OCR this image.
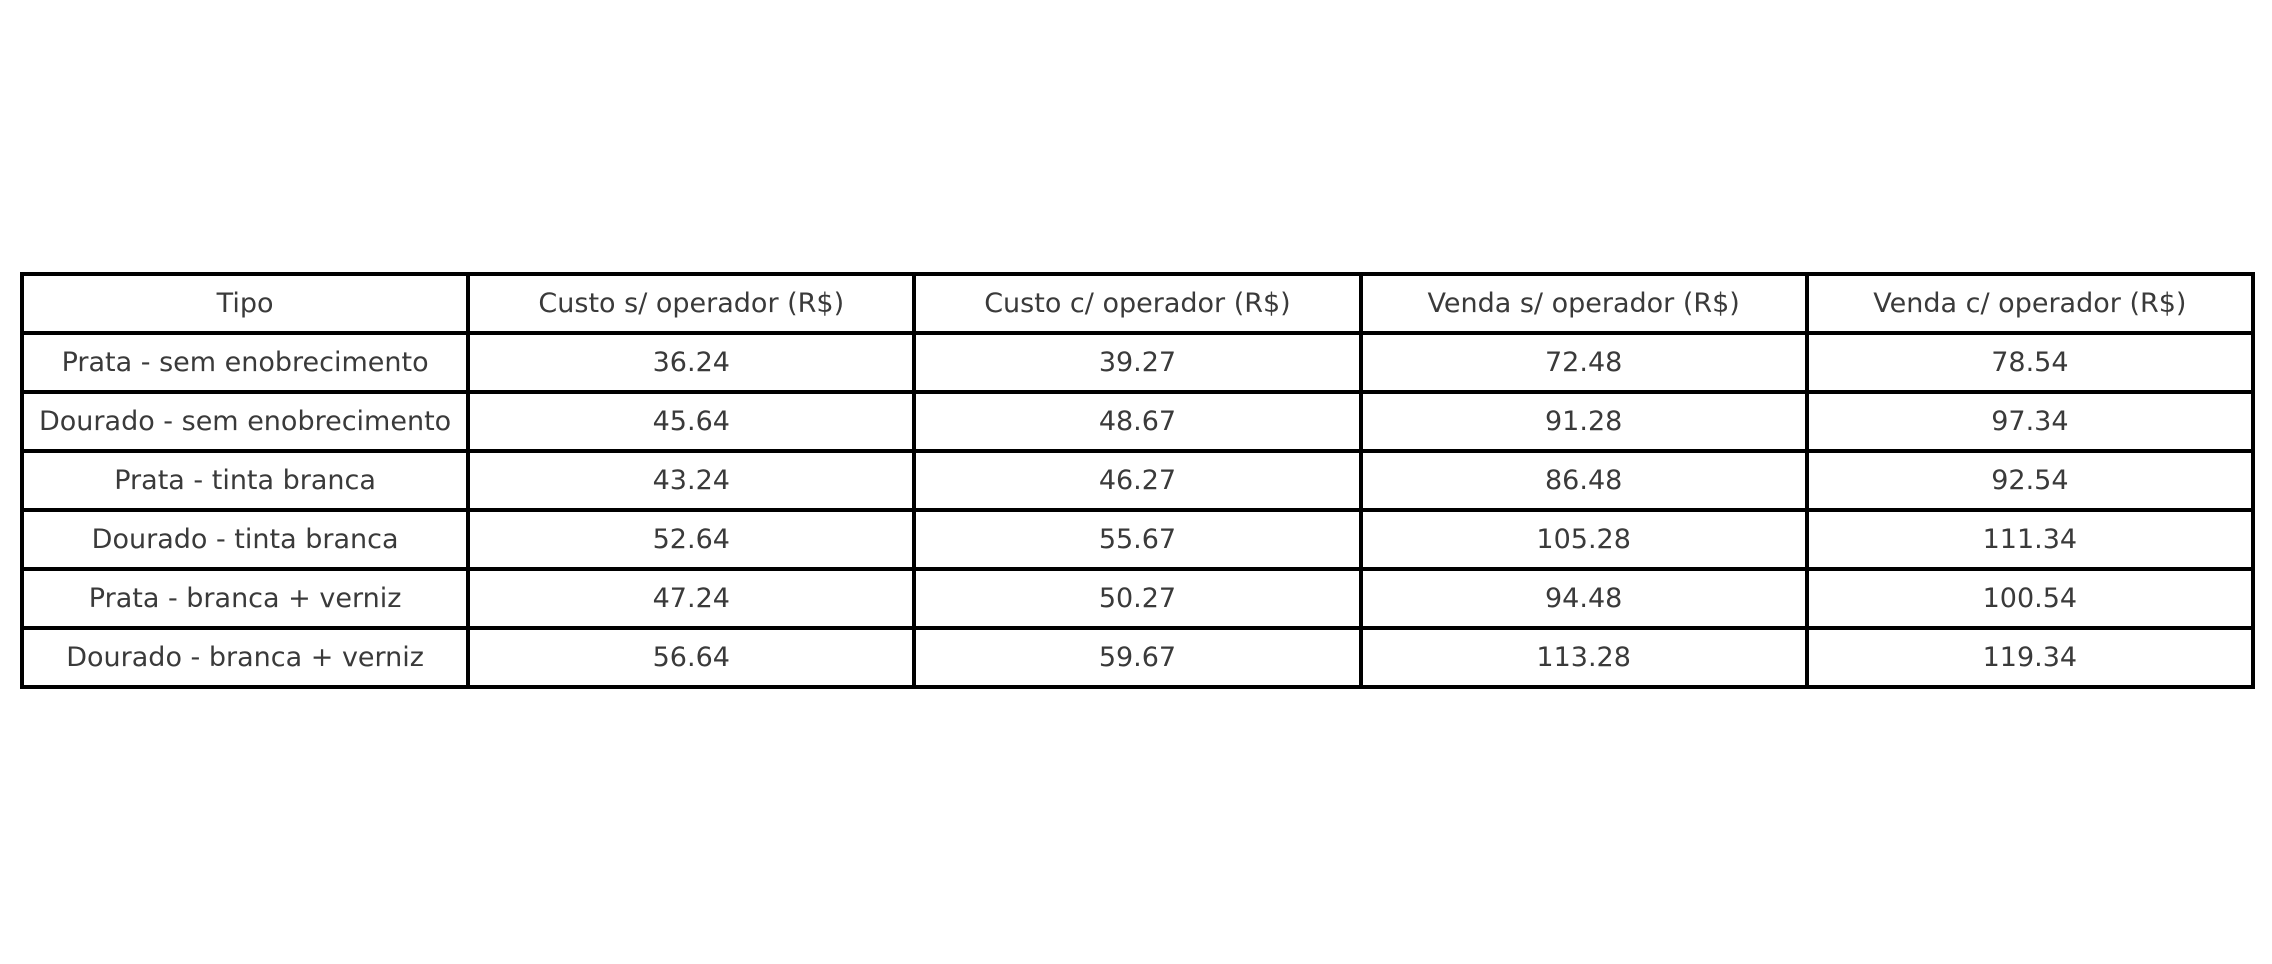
Tipo	Custo s/ operador (R$)	Custo c/ operador (R$)	Venda s/ operador (R$)	Venda c/ operador (R$)
Prata - sem enobrecimento	36.24	39.27	72.48	78.54
Dourado - sem enobrecimento	45.64	48.67	91.28	97.34
Prata - tinta branca	43.24	46.27	86.48	92.54
Dourado - tinta branca	52.64	55.67	105.28	111.34
Prata - branca + verniz	47.24	50.27	94.48	100.54
Dourado - branca + verniz	56.64	59.67	113.28	119.34
